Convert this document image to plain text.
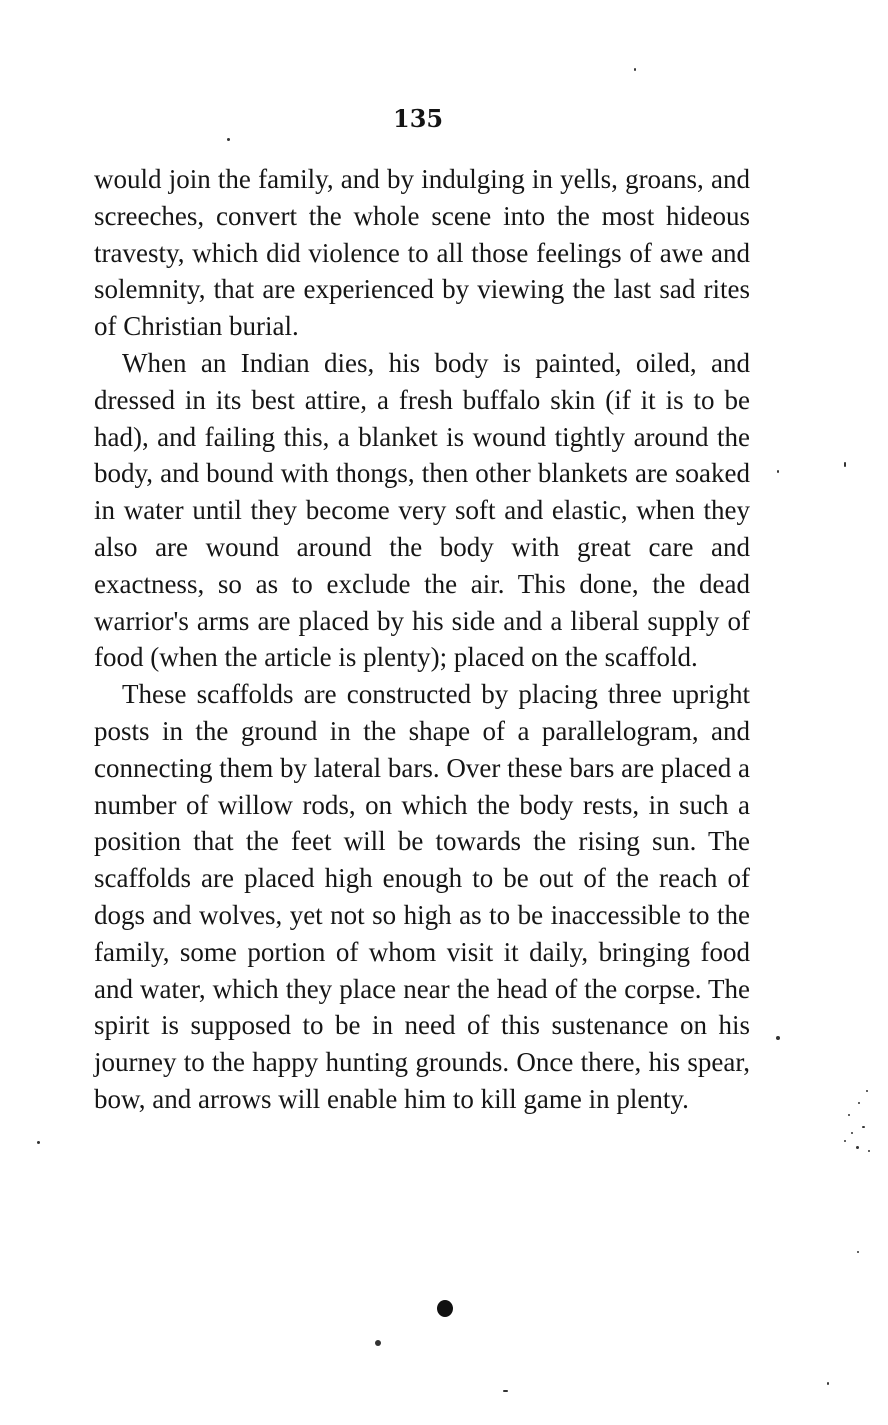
135

would join the family, and by indulging in yells, groans, and screeches, convert the whole scene into the most hideous travesty, which did violence to all those feelings of awe and solemnity, that are experienced by viewing the last sad rites of Christian burial.

When an Indian dies, his body is painted, oiled, and dressed in its best attire, a fresh buffalo skin (if it is to be had), and failing this, a blanket is wound tightly around the body, and bound with thongs, then other blankets are soaked in water until they become very soft and elastic, when they also are wound around the body with great care and exactness, so as to exclude the air. This done, the dead warrior's arms are placed by his side and a liberal supply of food (when the article is plenty); placed on the scaffold.

These scaffolds are constructed by placing three upright posts in the ground in the shape of a parallelogram, and connecting them by lateral bars. Over these bars are placed a number of willow rods, on which the body rests, in such a position that the feet will be towards the rising sun. The scaffolds are placed high enough to be out of the reach of dogs and wolves, yet not so high as to be inaccessible to the family, some portion of whom visit it daily, bringing food and water, which they place near the head of the corpse. The spirit is supposed to be in need of this sustenance on his journey to the happy hunting grounds. Once there, his spear, bow, and arrows will enable him to kill game in plenty.
